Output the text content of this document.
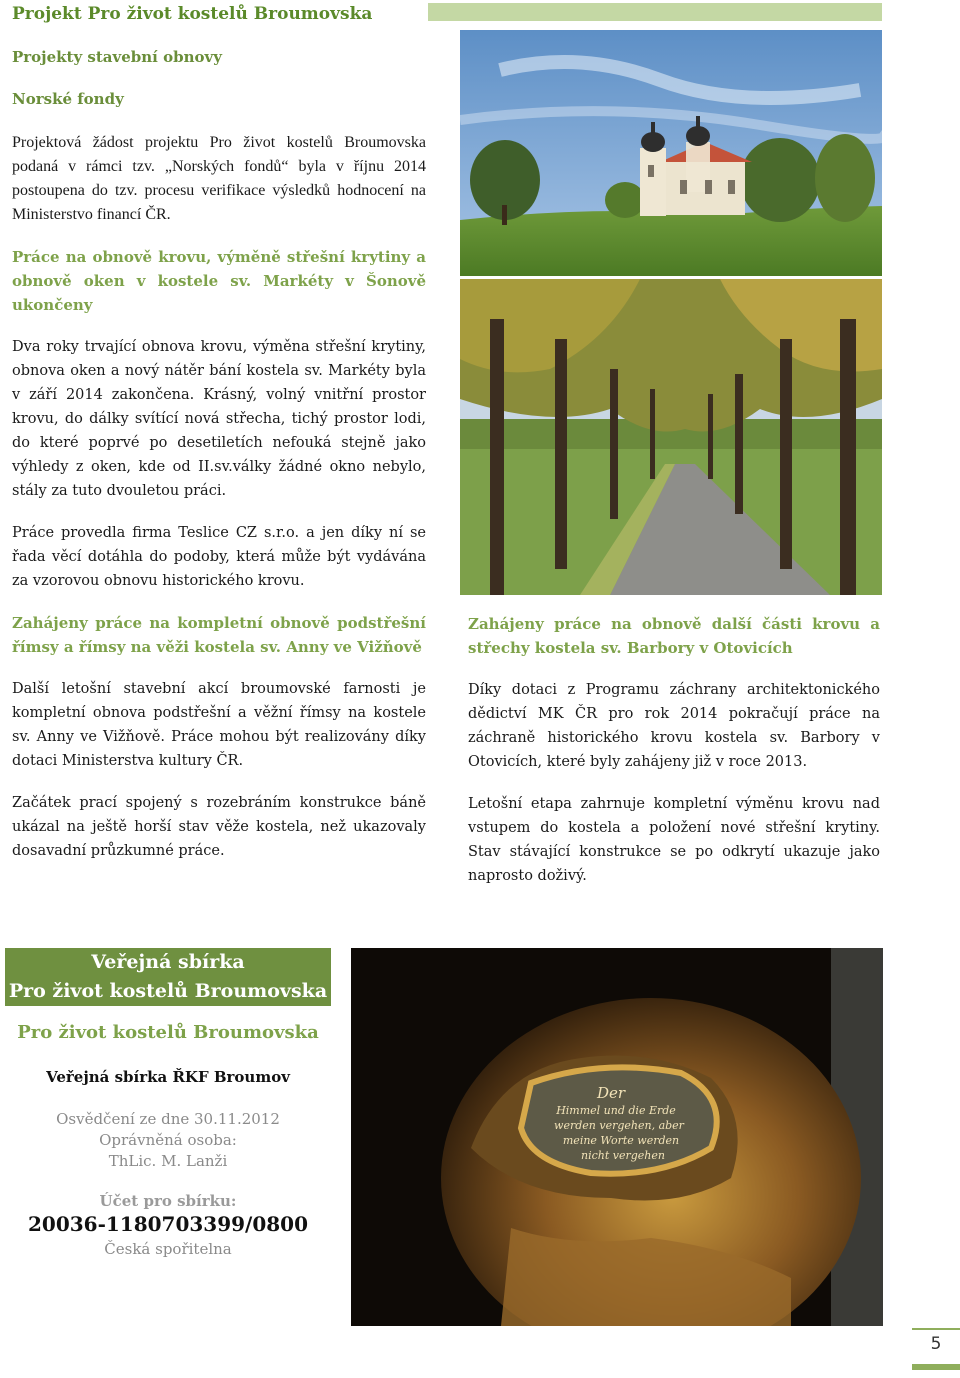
Projekt Pro život kostelů Broumovska
Projekty stavební obnovy
Norské fondy
Projektová žádost projektu Pro život kostelů Broumovska podaná v rámci tzv. „Norských fondů“ byla v říjnu 2014 postoupena do tzv. procesu verifikace výsledků hodnocení na Ministerstvo financí ČR.
Práce na obnově krovu, výměně střešní krytiny a obnově oken v kostele sv. Markéty v Šonově ukončeny
Dva roky trvající obnova krovu, výměna střešní krytiny, obnova oken a nový nátěr bání kostela sv. Markéty byla v září 2014 zakončena. Krásný, volný vnitřní prostor krovu, do dálky svítící nová střecha, tichý prostor lodi, do které poprvé po desetiletích nefouká stejně jako výhledy z oken, kde od II.sv.války žádné okno nebylo, stály za tuto dvouletou práci.
Práce provedla firma Teslice CZ s.r.o. a jen díky ní se řada věcí dotáhla do podoby, která může být vydávána za vzorovou obnovu historického krovu.
Zahájeny práce na kompletní obnově podstřešní římsy a římsy na věži kostela sv. Anny ve Vižňově
Další letošní stavební akcí broumovské farnosti je kompletní obnova podstřešní a věžní římsy na kostele sv. Anny ve Vižňově. Práce mohou být realizovány díky dotaci Ministerstva kultury ČR.
Začátek prací spojený s rozebráním konstrukce báně ukázal na ještě horší stav věže kostela, než ukazovaly dosavadní průzkumné práce.
Zahájeny práce na obnově další části krovu a střechy kostela sv. Barbory v Otovicích
Díky dotaci z Programu záchrany architektonického dědictví MK ČR pro rok 2014 pokračují práce na záchraně historického krovu kostela sv. Barbory v Otovicích, které byly zahájeny již v roce 2013.
Letošní etapa zahrnuje kompletní výměnu krovu nad vstupem do kostela a položení nové střešní krytiny. Stav stávající konstrukce se po odkrytí ukazuje jako naprosto doživý.
Veřejná sbírka
Pro život kostelů Broumovska
Pro život kostelů Broumovska
Veřejná sbírka ŘKF Broumov
Osvědčení ze dne 30.11.2012
Oprávněná osoba:
ThLic. M. Lanži
Účet pro sbírku:
20036-1180703399/0800
Česká spořitelna
Der
Himmel und die Erde
werden vergehen, aber
meine Worte werden
nicht vergehen
5
